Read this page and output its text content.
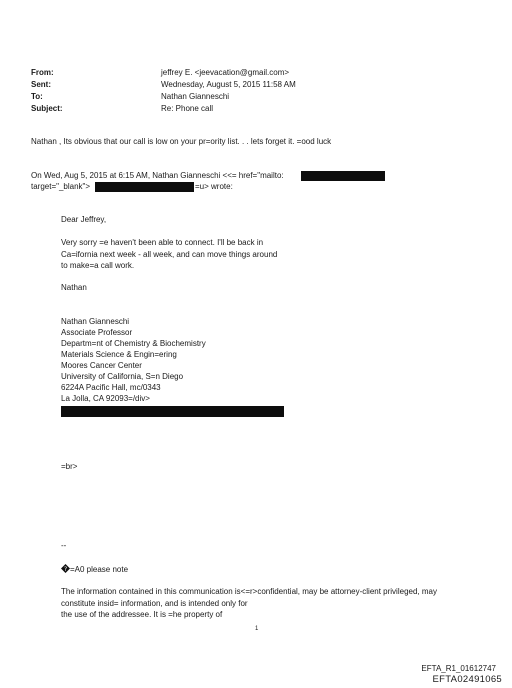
From:	jeffrey E. <jeevacation@gmail.com>
Sent:	Wednesday, August 5, 2015 11:58 AM
To:	Nathan Gianneschi
Subject:	Re: Phone call
Nathan , Its obvious that our call is low on your pr=ority list. . . lets forget it. =ood luck
On Wed, Aug 5, 2015 at 6:15 AM, Nathan Gianneschi <<= href="mailto:
target="_blank">	=u> wrote:
Dear Jeffrey,
Very sorry =e haven't been able to connect. I'll be back in
Ca=ifornia next week - all week, and can move things around
to make=a call work.
Nathan
Nathan Gianneschi
Associate Professor
Departm=nt of Chemistry & Biochemistry
Materials Science & Engin=ering
Moores Cancer Center
University of California, S=n Diego
6224A Pacific Hall, mc/0343
La Jolla, CA 92093=/div>
=br>
--
? =A0 please note
The information contained in this communication is<=r>confidential, may be attorney-client privileged, may
constitute insid= information, and is intended only for
the use of the addressee. It is =he property of
1
EFTA_R1_01612747
EFTA02491065
